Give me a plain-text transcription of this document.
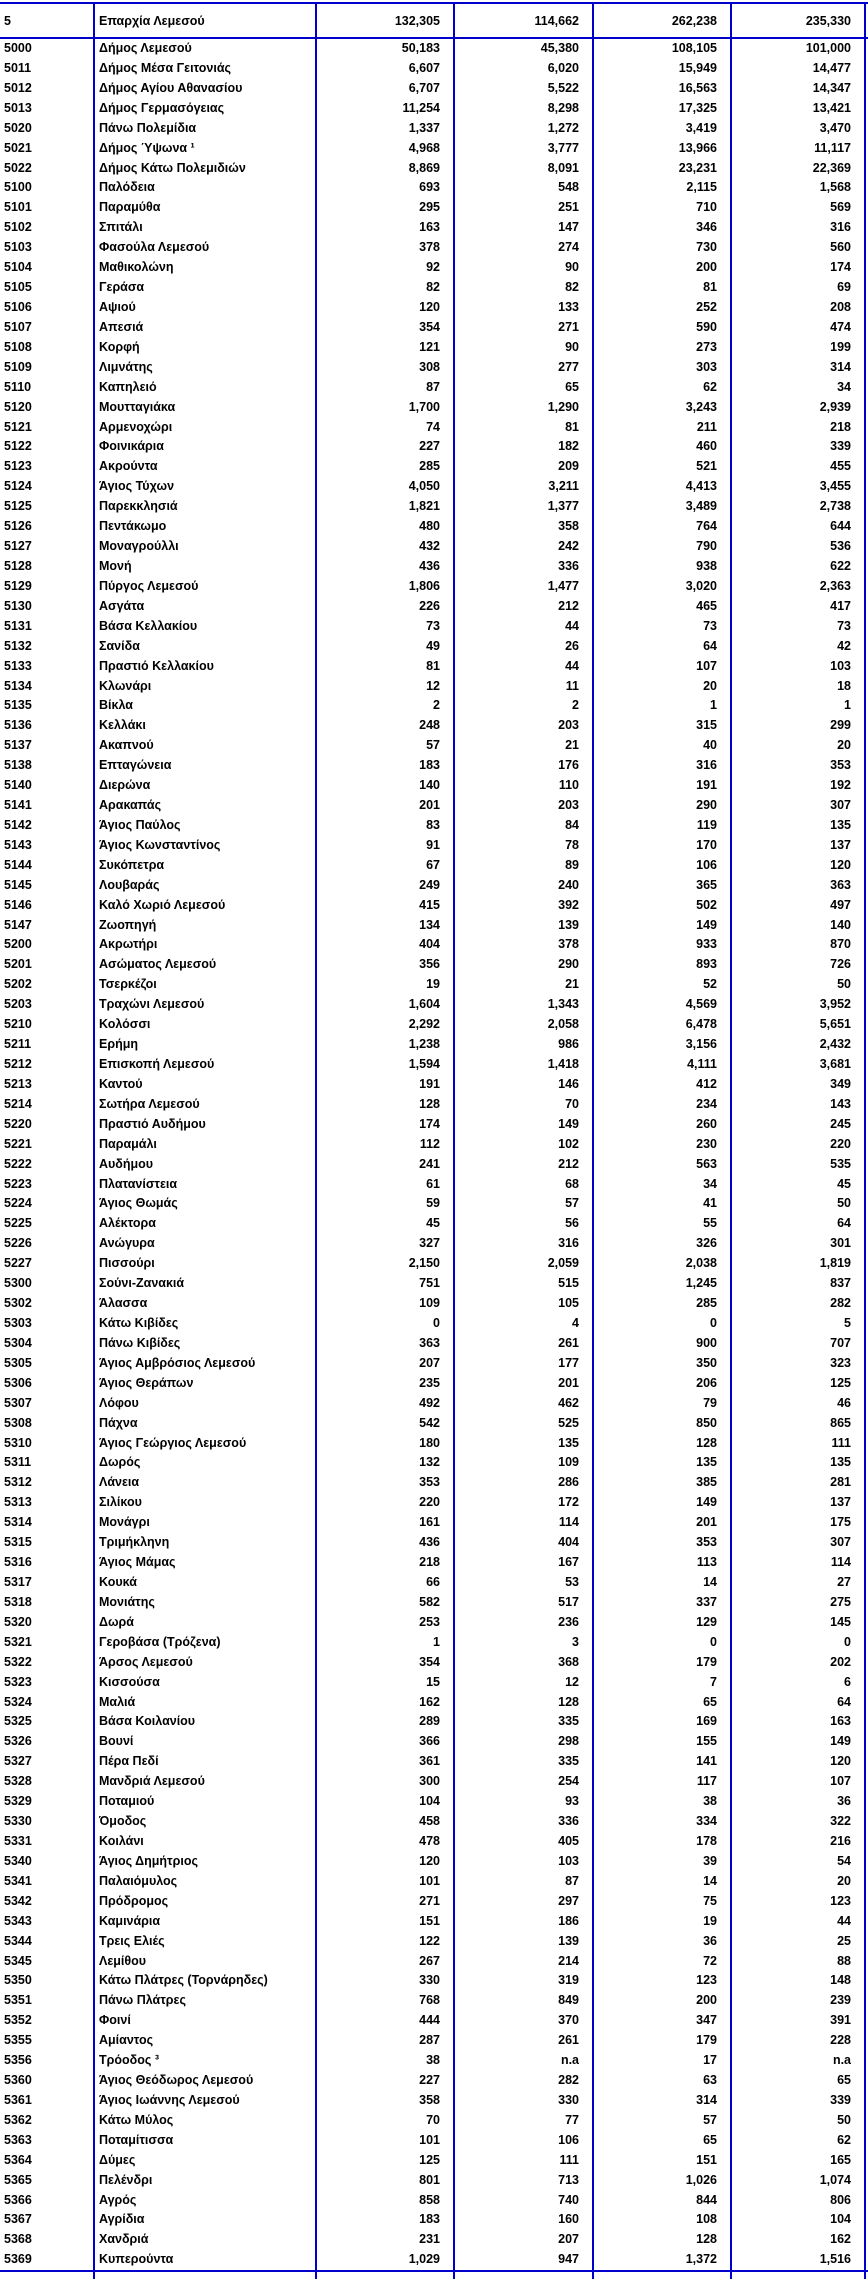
5	Επαρχία Λεμεσού	132,305	114,662	262,238	235,330
5000	Δήμος Λεμεσού	50,183	45,380	108,105	101,000
5011	Δήμος Μέσα Γειτονιάς	6,607	6,020	15,949	14,477
5012	Δήμος Αγίου Αθανασίου	6,707	5,522	16,563	14,347
5013	Δήμος Γερμασόγειας	11,254	8,298	17,325	13,421
5020	Πάνω Πολεμίδια	1,337	1,272	3,419	3,470
5021	Δήμος Ύψωνα ¹	4,968	3,777	13,966	11,117
5022	Δήμος Κάτω Πολεμιδιών	8,869	8,091	23,231	22,369
5100	Παλόδεια	693	548	2,115	1,568
5101	Παραμύθα	295	251	710	569
5102	Σπιτάλι	163	147	346	316
5103	Φασούλα Λεμεσού	378	274	730	560
5104	Μαθικολώνη	92	90	200	174
5105	Γεράσα	82	82	81	69
5106	Αψιού	120	133	252	208
5107	Απεσιά	354	271	590	474
5108	Κορφή	121	90	273	199
5109	Λιμνάτης	308	277	303	314
5110	Καπηλειό	87	65	62	34
5120	Μουτταγιάκα	1,700	1,290	3,243	2,939
5121	Αρμενοχώρι	74	81	211	218
5122	Φοινικάρια	227	182	460	339
5123	Ακρούντα	285	209	521	455
5124	Άγιος Τύχων	4,050	3,211	4,413	3,455
5125	Παρεκκλησιά	1,821	1,377	3,489	2,738
5126	Πεντάκωμο	480	358	764	644
5127	Μοναγρούλλι	432	242	790	536
5128	Μονή	436	336	938	622
5129	Πύργος Λεμεσού	1,806	1,477	3,020	2,363
5130	Ασγάτα	226	212	465	417
5131	Βάσα Κελλακίου	73	44	73	73
5132	Σανίδα	49	26	64	42
5133	Πραστιό Κελλακίου	81	44	107	103
5134	Κλωνάρι	12	11	20	18
5135	Βίκλα	2	2	1	1
5136	Κελλάκι	248	203	315	299
5137	Ακαπνού	57	21	40	20
5138	Επταγώνεια	183	176	316	353
5140	Διερώνα	140	110	191	192
5141	Αρακαπάς	201	203	290	307
5142	Άγιος Παύλος	83	84	119	135
5143	Άγιος Κωνσταντίνος	91	78	170	137
5144	Συκόπετρα	67	89	106	120
5145	Λουβαράς	249	240	365	363
5146	Καλό Χωριό Λεμεσού	415	392	502	497
5147	Ζωοπηγή	134	139	149	140
5200	Ακρωτήρι	404	378	933	870
5201	Ασώματος Λεμεσού	356	290	893	726
5202	Τσερκέζοι	19	21	52	50
5203	Τραχώνι Λεμεσού	1,604	1,343	4,569	3,952
5210	Κολόσσι	2,292	2,058	6,478	5,651
5211	Ερήμη	1,238	986	3,156	2,432
5212	Επισκοπή Λεμεσού	1,594	1,418	4,111	3,681
5213	Καντού	191	146	412	349
5214	Σωτήρα Λεμεσού	128	70	234	143
5220	Πραστιό Αυδήμου	174	149	260	245
5221	Παραμάλι	112	102	230	220
5222	Αυδήμου	241	212	563	535
5223	Πλατανίστεια	61	68	34	45
5224	Άγιος Θωμάς	59	57	41	50
5225	Αλέκτορα	45	56	55	64
5226	Ανώγυρα	327	316	326	301
5227	Πισσούρι	2,150	2,059	2,038	1,819
5300	Σούνι-Ζανακιά	751	515	1,245	837
5302	Άλασσα	109	105	285	282
5303	Κάτω Κιβίδες	0	4	0	5
5304	Πάνω Κιβίδες	363	261	900	707
5305	Άγιος Αμβρόσιος Λεμεσού	207	177	350	323
5306	Άγιος Θεράπων	235	201	206	125
5307	Λόφου	492	462	79	46
5308	Πάχνα	542	525	850	865
5310	Άγιος Γεώργιος Λεμεσού	180	135	128	111
5311	Δωρός	132	109	135	135
5312	Λάνεια	353	286	385	281
5313	Σιλίκου	220	172	149	137
5314	Μονάγρι	161	114	201	175
5315	Τριμήκληνη	436	404	353	307
5316	Άγιος Μάμας	218	167	113	114
5317	Κουκά	66	53	14	27
5318	Μονιάτης	582	517	337	275
5320	Δωρά	253	236	129	145
5321	Γεροβάσα (Τρόζενα)	1	3	0	0
5322	Άρσος Λεμεσού	354	368	179	202
5323	Κισσούσα	15	12	7	6
5324	Μαλιά	162	128	65	64
5325	Βάσα Κοιλανίου	289	335	169	163
5326	Βουνί	366	298	155	149
5327	Πέρα Πεδί	361	335	141	120
5328	Μανδριά Λεμεσού	300	254	117	107
5329	Ποταμιού	104	93	38	36
5330	Όμοδος	458	336	334	322
5331	Κοιλάνι	478	405	178	216
5340	Άγιος Δημήτριος	120	103	39	54
5341	Παλαιόμυλος	101	87	14	20
5342	Πρόδρομος	271	297	75	123
5343	Καμινάρια	151	186	19	44
5344	Τρεις Ελιές	122	139	36	25
5345	Λεμίθου	267	214	72	88
5350	Κάτω Πλάτρες (Τορνάρηδες)	330	319	123	148
5351	Πάνω Πλάτρες	768	849	200	239
5352	Φοινί	444	370	347	391
5355	Αμίαντος	287	261	179	228
5356	Τρόοδος ³	38	n.a	17	n.a
5360	Άγιος Θεόδωρος Λεμεσού	227	282	63	65
5361	Άγιος Ιωάννης Λεμεσού	358	330	314	339
5362	Κάτω Μύλος	70	77	57	50
5363	Ποταμίτισσα	101	106	65	62
5364	Δύμες	125	111	151	165
5365	Πελένδρι	801	713	1,026	1,074
5366	Αγρός	858	740	844	806
5367	Αγρίδια	183	160	108	104
5368	Χανδριά	231	207	128	162
5369	Κυπερούντα	1,029	947	1,372	1,516
